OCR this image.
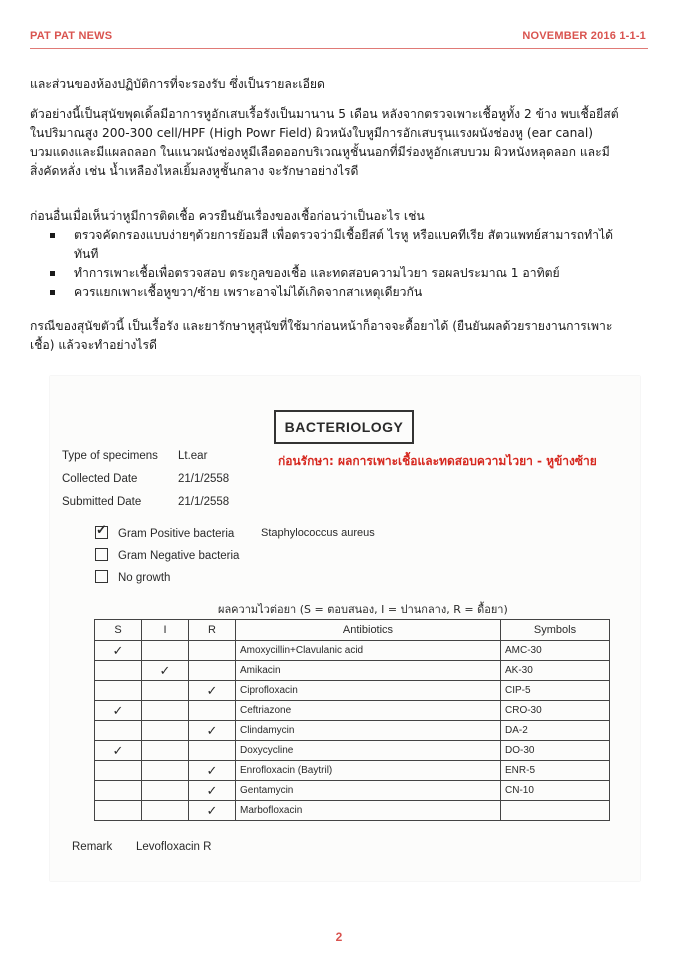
PAT PAT NEWS	NOVEMBER 2016 1-1-1

และส่วนของห้องปฏิบัติการที่จะรองรับ ซึ่งเป็นรายละเอียด

ตัวอย่างนี้เป็นสุนัขพุดเดิ้ลมีอาการหูอักเสบเรื้อรังเป็นมานาน 5 เดือน หลังจากตรวจเพาะเชื้อหูทั้ง 2 ข้าง พบเชื้อยีสต์

ในปริมาณสูง 200-300 cell/HPF (High Powr Field) ผิวหนังใบหูมีการอักเสบรุนแรงผนังช่องหู (ear canal)

บวมแดงและมีแผลถลอก ในแนวผนังช่องหูมีเลือดออกบริเวณหูชั้นนอกที่มีร่องหูอักเสบบวม ผิวหนังหลุดลอก และมี

สิ่งคัดหลั่ง เช่น น้ำเหลืองไหลเยิ้มลงหูชั้นกลาง จะรักษาอย่างไรดี

ก่อนอื่นเมื่อเห็นว่าหูมีการติดเชื้อ ควรยืนยันเรื่องของเชื้อก่อนว่าเป็นอะไร เช่น

ตรวจคัดกรองแบบง่ายๆด้วยการย้อมสี เพื่อตรวจว่ามีเชื้อยีสต์ ไรหู หรือแบคทีเรีย สัตวแพทย์สามารถทำได้
ทันที
ทำการเพาะเชื้อเพื่อตรวจสอบ ตระกูลของเชื้อ และทดสอบความไวยา รอผลประมาณ 1 อาทิตย์
ควรแยกเพาะเชื้อหูขวา/ซ้าย เพราะอาจไม่ได้เกิดจากสาเหตุเดียวกัน

กรณีของสุนัขตัวนี้ เป็นเรื้อรัง และยารักษาหูสุนัขที่ใช้มาก่อนหน้าก็อาจจะดื้อยาได้ (ยืนยันผลด้วยรายงานการเพาะ

เชื้อ) แล้วจะทำอย่างไรดี

BACTERIOLOGY
Type of specimens Lt.ear
Collected Date	21/1/2558
Submitted Date	21/1/2558
ก่อนรักษา: ผลการเพาะเชื้อและทดสอบความไวยา - หูข้างซ้าย
✓ Gram Positive bacteria Staphylococcus aureus
Gram Negative bacteria
No growth
ผลความไวต่อยา (S = ตอบสนอง, I = ปานกลาง, R = ดื้อยา)
S	I	R	Antibiotics	Symbols
✓			Amoxycillin+Clavulanic acid	AMC-30
	✓		Amikacin	AK-30
		✓	Ciprofloxacin	CIP-5
✓			Ceftriazone	CRO-30
		✓	Clindamycin	DA-2
✓			Doxycycline	DO-30
		✓	Enrofloxacin (Baytril)	ENR-5
		✓	Gentamycin	CN-10
		✓	Marbofloxacin	
Remark Levofloxacin R
2
